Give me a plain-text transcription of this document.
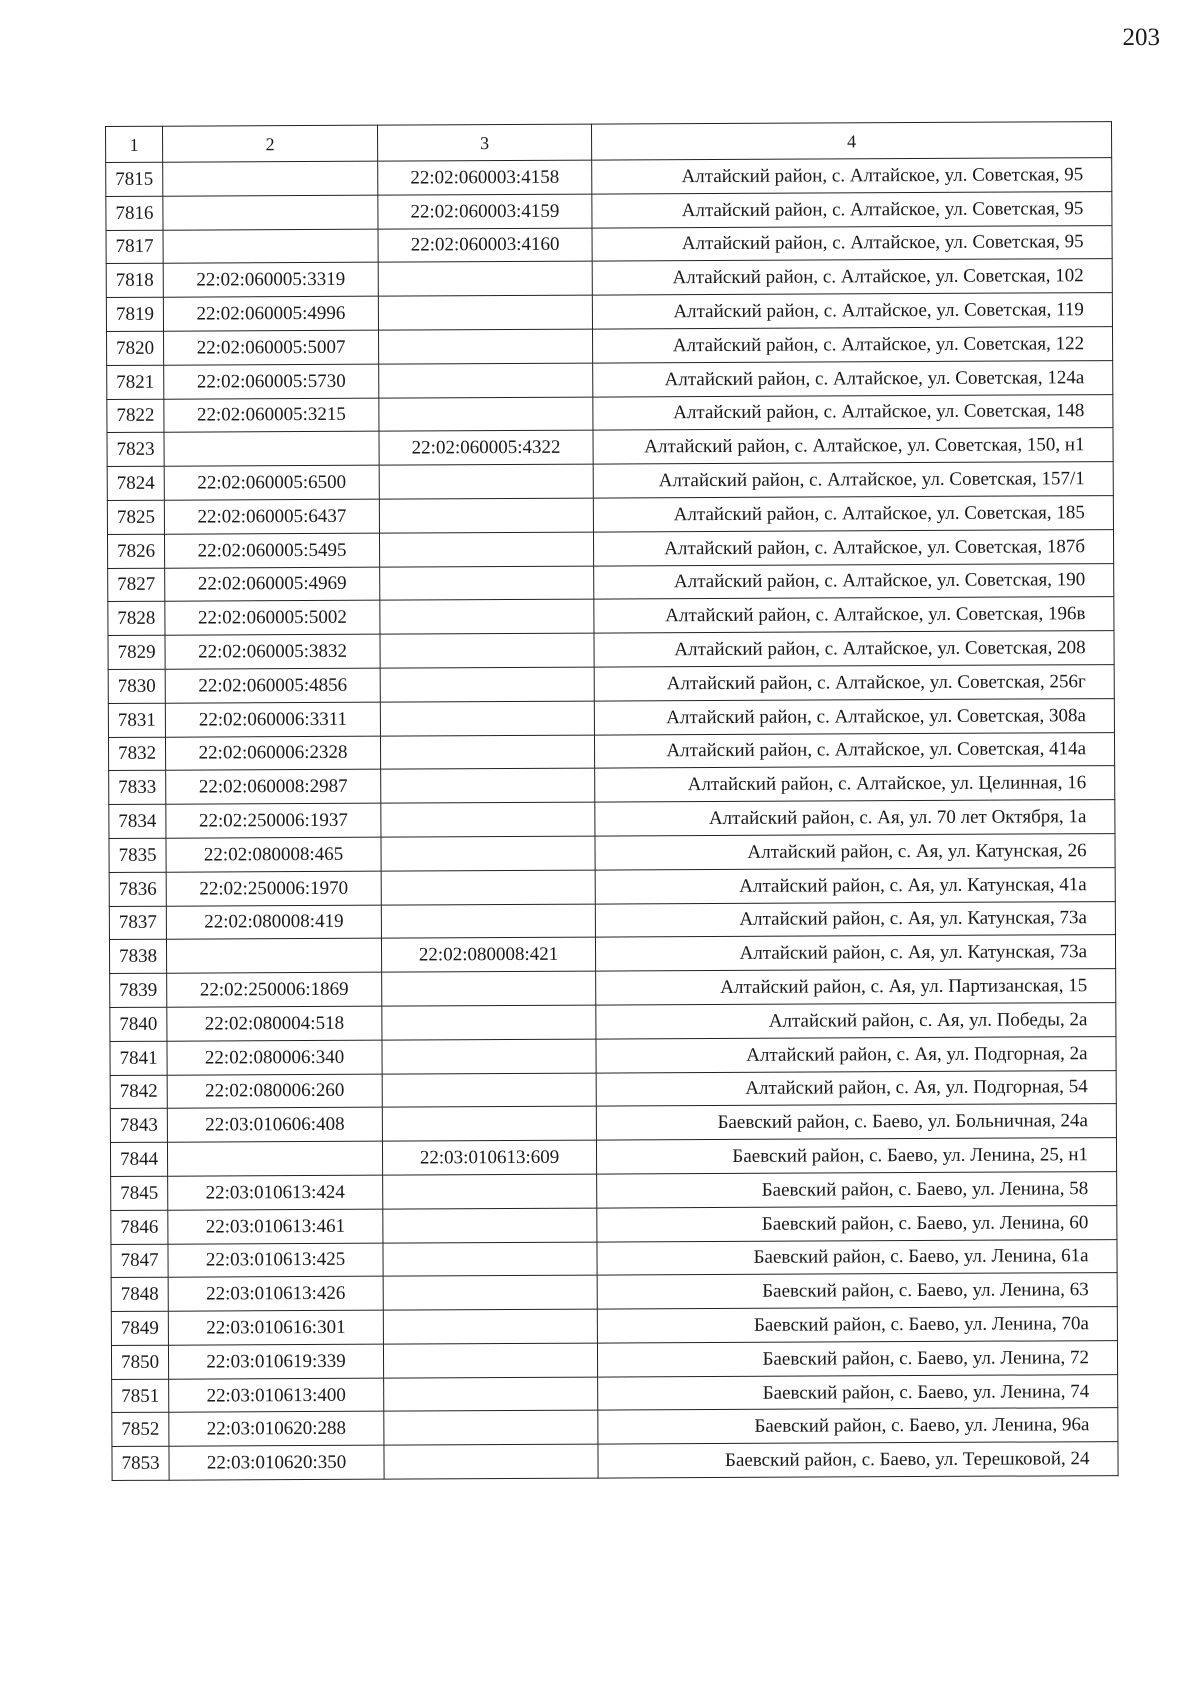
203
1	2	3	4
7815		22:02:060003:4158	Алтайский район, с. Алтайское, ул. Советская, 95
7816		22:02:060003:4159	Алтайский район, с. Алтайское, ул. Советская, 95
7817		22:02:060003:4160	Алтайский район, с. Алтайское, ул. Советская, 95
7818	22:02:060005:3319		Алтайский район, с. Алтайское, ул. Советская, 102
7819	22:02:060005:4996		Алтайский район, с. Алтайское, ул. Советская, 119
7820	22:02:060005:5007		Алтайский район, с. Алтайское, ул. Советская, 122
7821	22:02:060005:5730		Алтайский район, с. Алтайское, ул. Советская, 124а
7822	22:02:060005:3215		Алтайский район, с. Алтайское, ул. Советская, 148
7823		22:02:060005:4322	Алтайский район, с. Алтайское, ул. Советская, 150, н1
7824	22:02:060005:6500		Алтайский район, с. Алтайское, ул. Советская, 157/1
7825	22:02:060005:6437		Алтайский район, с. Алтайское, ул. Советская, 185
7826	22:02:060005:5495		Алтайский район, с. Алтайское, ул. Советская, 187б
7827	22:02:060005:4969		Алтайский район, с. Алтайское, ул. Советская, 190
7828	22:02:060005:5002		Алтайский район, с. Алтайское, ул. Советская, 196в
7829	22:02:060005:3832		Алтайский район, с. Алтайское, ул. Советская, 208
7830	22:02:060005:4856		Алтайский район, с. Алтайское, ул. Советская, 256г
7831	22:02:060006:3311		Алтайский район, с. Алтайское, ул. Советская, 308а
7832	22:02:060006:2328		Алтайский район, с. Алтайское, ул. Советская, 414а
7833	22:02:060008:2987		Алтайский район, с. Алтайское, ул. Целинная, 16
7834	22:02:250006:1937		Алтайский район, с. Ая, ул. 70 лет Октября, 1а
7835	22:02:080008:465		Алтайский район, с. Ая, ул. Катунская, 26
7836	22:02:250006:1970		Алтайский район, с. Ая, ул. Катунская, 41а
7837	22:02:080008:419		Алтайский район, с. Ая, ул. Катунская, 73а
7838		22:02:080008:421	Алтайский район, с. Ая, ул. Катунская, 73а
7839	22:02:250006:1869		Алтайский район, с. Ая, ул. Партизанская, 15
7840	22:02:080004:518		Алтайский район, с. Ая, ул. Победы, 2а
7841	22:02:080006:340		Алтайский район, с. Ая, ул. Подгорная, 2а
7842	22:02:080006:260		Алтайский район, с. Ая, ул. Подгорная, 54
7843	22:03:010606:408		Баевский район, с. Баево, ул. Больничная, 24а
7844		22:03:010613:609	Баевский район, с. Баево, ул. Ленина, 25, н1
7845	22:03:010613:424		Баевский район, с. Баево, ул. Ленина, 58
7846	22:03:010613:461		Баевский район, с. Баево, ул. Ленина, 60
7847	22:03:010613:425		Баевский район, с. Баево, ул. Ленина, 61а
7848	22:03:010613:426		Баевский район, с. Баево, ул. Ленина, 63
7849	22:03:010616:301		Баевский район, с. Баево, ул. Ленина, 70а
7850	22:03:010619:339		Баевский район, с. Баево, ул. Ленина, 72
7851	22:03:010613:400		Баевский район, с. Баево, ул. Ленина, 74
7852	22:03:010620:288		Баевский район, с. Баево, ул. Ленина, 96а
7853	22:03:010620:350		Баевский район, с. Баево, ул. Терешковой, 24
